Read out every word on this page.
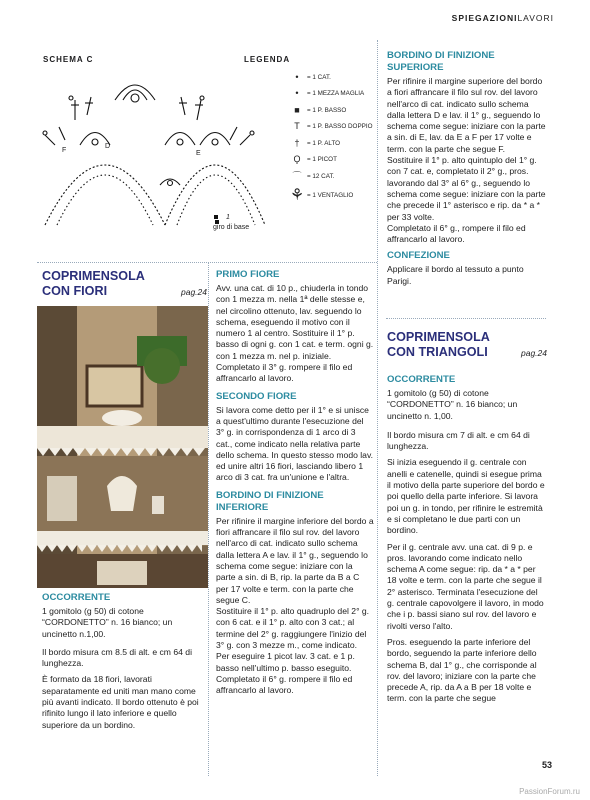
SPIEGAZIONILAVORI
SCHEMA C	LEGENDA
F
D
E
1
giro di base
•	= 1 CAT.
•	= 1 MEZZA MAGLIA
■	= 1 P. BASSO
T	= 1 P. BASSO DOPPIO
†	= 1 P. ALTO
Ϙ	= 1 PICOT
⌒ = 12 CAT.
⚘ = 1 VENTAGLIO
COPRIMENSOLA
CON FIORI	pag.24
OCCORRENTE

1 gomitolo (g 50) di cotone “CORDONETTO” n. 16 bianco; un uncinetto n.1,00.

Il bordo misura cm 8.5 di alt. e cm 64 di lunghezza.

È formato da 18 fiori, lavorati separatamente ed uniti man mano come più avanti indicato. Il bordo ottenuto è poi rifinito lungo il lato inferiore e quello superiore da un bordino.

PRIMO FIORE

Avv. una cat. di 10 p., chiuderla in tondo con 1 mezza m. nella 1ª delle stesse e, nel circolino ottenuto, lav. seguendo lo schema, eseguendo il motivo con il numero 1 al centro. Sostituire il 1° p. basso di ogni g. con 1 cat. e term. ogni g. con 1 mezza m. nel p. iniziale.

Completato il 3° g. rompere il filo ed affrancarlo al lavoro.

SECONDO FIORE

Si lavora come detto per il 1° e si unisce a quest'ultimo durante l'esecuzione del 3° g. in corrispondenza di 1 arco di 3 cat., come indicato nella relativa parte dello schema. In questo stesso modo lav. ed unire altri 16 fiori, lasciando libero 1 arco di 3 cat. fra un'unione e l'altra.

BORDINO DI FINIZIONE INFERIORE

Per rifinire il margine inferiore del bordo a fiori affrancare il filo sul rov. del lavoro nell'arco di cat. indicato sullo schema dalla lettera A e lav. il 1° g., seguendo lo schema come segue: iniziare con la parte a sin. di B, rip. la parte da B a C per 17 volte e term. con la parte che segue C.

Sostituire il 1° p. alto quadruplo del 2° g. con 6 cat. e il 1° p. alto con 3 cat.; al termine del 2° g. raggiungere l'inizio del 3° g. con 3 mezze m., come indicato.

Per eseguire 1 picot lav. 3 cat. e 1 p. basso nell'ultimo p. basso eseguito.

Completato il 6° g. rompere il filo ed affrancarlo al lavoro.

BORDINO DI FINIZIONE SUPERIORE

Per rifinire il margine superiore del bordo a fiori affrancare il filo sul rov. del lavoro nell'arco di cat. indicato sullo schema dalla lettera D e lav. il 1° g., seguendo lo schema come segue: iniziare con la parte a sin. di E, lav. da E a F per 17 volte e term. con la parte che segue F.

Sostituire il 1° p. alto quintuplo del 1° g. con 7 cat. e, completato il 2° g., pros. lavorando dal 3° al 6° g., seguendo lo schema come segue: iniziare con la parte che precede il 1° asterisco e rip. da * a * per 33 volte.

Completato il 6° g., rompere il filo ed affrancarlo al lavoro.

CONFEZIONE

Applicare il bordo al tessuto a punto Parigi.

COPRIMENSOLA
CON TRIANGOLI	pag.24
OCCORRENTE

1 gomitolo (g 50) di cotone “CORDONETTO” n. 16 bianco; un uncinetto n. 1,00.

Il bordo misura cm 7 di alt. e cm 64 di lunghezza.

Si inizia eseguendo il g. centrale con anelli e catenelle, quindi si esegue prima il motivo della parte superiore del bordo e poi quello della parte inferiore. Si lavora poi un g. in tondo, per rifinire le estremità e si completano le due parti con un bordino.

Per il g. centrale avv. una cat. di 9 p. e pros. lavorando come indicato nello schema A come segue: rip. da * a * per 18 volte e term. con la parte che segue il 2° asterisco. Terminata l'esecuzione del g. centrale capovolgere il lavoro, in modo che i p. bassi siano sul rov. del lavoro e rivolti verso l'alto.

Pros. eseguendo la parte inferiore del bordo, seguendo la parte inferiore dello schema B, dal 1° g., che corrisponde al rov. del lavoro; iniziare con la parte che precede A, rip. da A a B per 18 volte e term. con la parte che segue

53
PassionForum.ru
